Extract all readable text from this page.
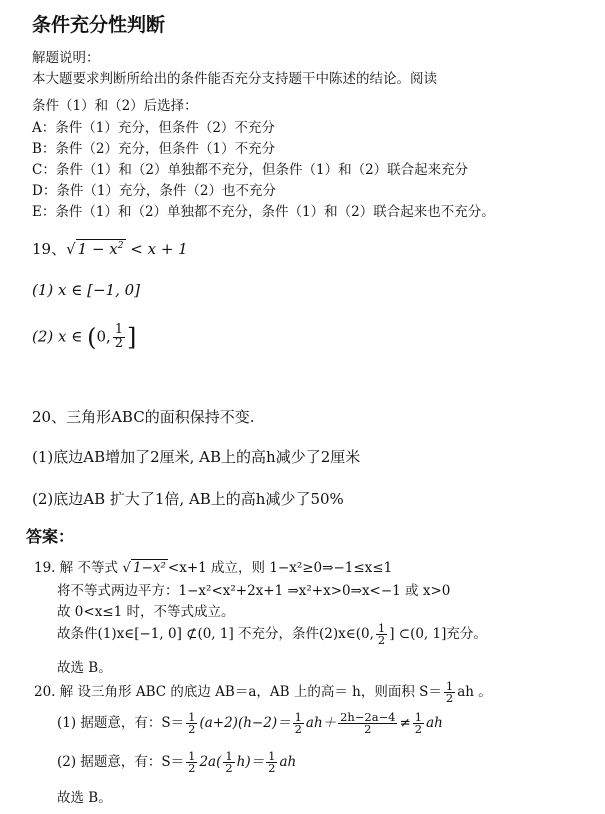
条件充分性判断
解题说明：
本大题要求判断所给出的条件能否充分支持题干中陈述的结论。阅读
条件（1）和（2）后选择：
A：条件（1）充分，但条件（2）不充分
B：条件（2）充分，但条件（1）不充分
C：条件（1）和（2）单独都不充分，但条件（1）和（2）联合起来充分
D：条件（1）充分，条件（2）也不充分
E：条件（1）和（2）单独都不充分，条件（1）和（2）联合起来也不充分。
19、√ $1 - x^2 < x + 1$
(1) x ∈ [−1, 0]
(2) x ∈ (0, $\frac{1}{2}$ ]
20、三角形ABC的面积保持不变.
(1)底边AB增加了2厘米, AB上的高h减少了2厘米
(2)底边AB 扩大了1倍, AB上的高h减少了50%
答案：
19. 解 不等式 √ 1−x² <x+1 成立，则 1−x²≥0⇒−1≤x≤1
将不等式两边平方：1−x²<x²+2x+1 ⇒x²+x>0⇒x<−1 或 x>0
故 0<x≤1 时，不等式成立。
故条件(1)x∈[−1, 0] ⊄(0, 1] 不充分，条件(2)x∈(0, $\frac{1}{2}$ ] ⊂(0, 1]充分。
故选 B。
20. 解 设三角形 ABC 的底边 AB＝a，AB 上的高＝ h，则面积 $S= \frac{1}{2}$ ah 。
(1) 据题意，有：$S= \frac{1}{2} (a+2)(h-2)= \frac{1}{2} ah+ \frac{2h-2a-4}{2} \ne \frac{1}{2}$ ah
(2) 据题意，有：$S= \frac{1}{2} 2a( \frac{1}{2} h)= \frac{1}{2}$ ah
故选 B。
